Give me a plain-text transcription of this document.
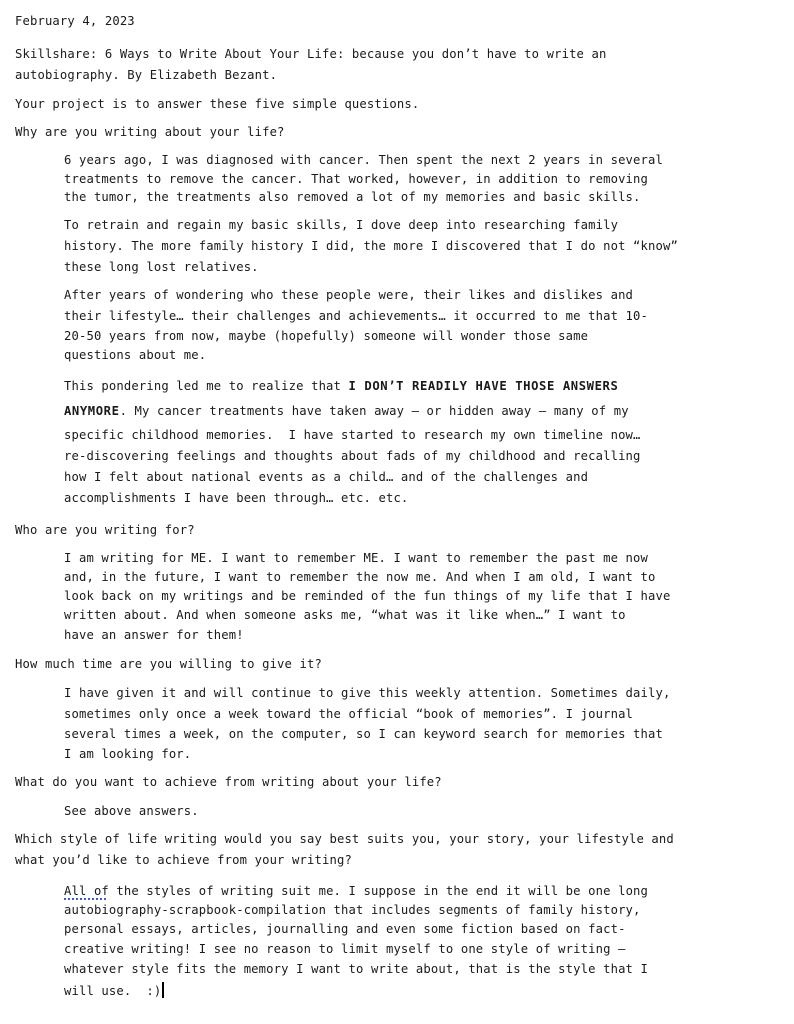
February 4, 2023
Skillshare: 6 Ways to Write About Your Life: because you don’t have to write an
autobiography. By Elizabeth Bezant.
Your project is to answer these five simple questions.
Why are you writing about your life?
6 years ago, I was diagnosed with cancer. Then spent the next 2 years in several
treatments to remove the cancer. That worked, however, in addition to removing
the tumor, the treatments also removed a lot of my memories and basic skills.
To retrain and regain my basic skills, I dove deep into researching family
history. The more family history I did, the more I discovered that I do not “know”
these long lost relatives.
After years of wondering who these people were, their likes and dislikes and
their lifestyle… their challenges and achievements… it occurred to me that 10-
20-50 years from now, maybe (hopefully) someone will wonder those same
questions about me.
This pondering led me to realize that I DON’T READILY HAVE THOSE ANSWERS
ANYMORE. My cancer treatments have taken away – or hidden away – many of my
specific childhood memories.  I have started to research my own timeline now…
re-discovering feelings and thoughts about fads of my childhood and recalling
how I felt about national events as a child… and of the challenges and
accomplishments I have been through… etc. etc.
Who are you writing for?
I am writing for ME. I want to remember ME. I want to remember the past me now
and, in the future, I want to remember the now me. And when I am old, I want to
look back on my writings and be reminded of the fun things of my life that I have
written about. And when someone asks me, “what was it like when…” I want to
have an answer for them!
How much time are you willing to give it?
I have given it and will continue to give this weekly attention. Sometimes daily,
sometimes only once a week toward the official “book of memories”. I journal
several times a week, on the computer, so I can keyword search for memories that
I am looking for.
What do you want to achieve from writing about your life?
See above answers.
Which style of life writing would you say best suits you, your story, your lifestyle and
what you’d like to achieve from your writing?
All of the styles of writing suit me. I suppose in the end it will be one long
autobiography-scrapbook-compilation that includes segments of family history,
personal essays, articles, journalling and even some fiction based on fact-
creative writing! I see no reason to limit myself to one style of writing –
whatever style fits the memory I want to write about, that is the style that I
will use.  :)
